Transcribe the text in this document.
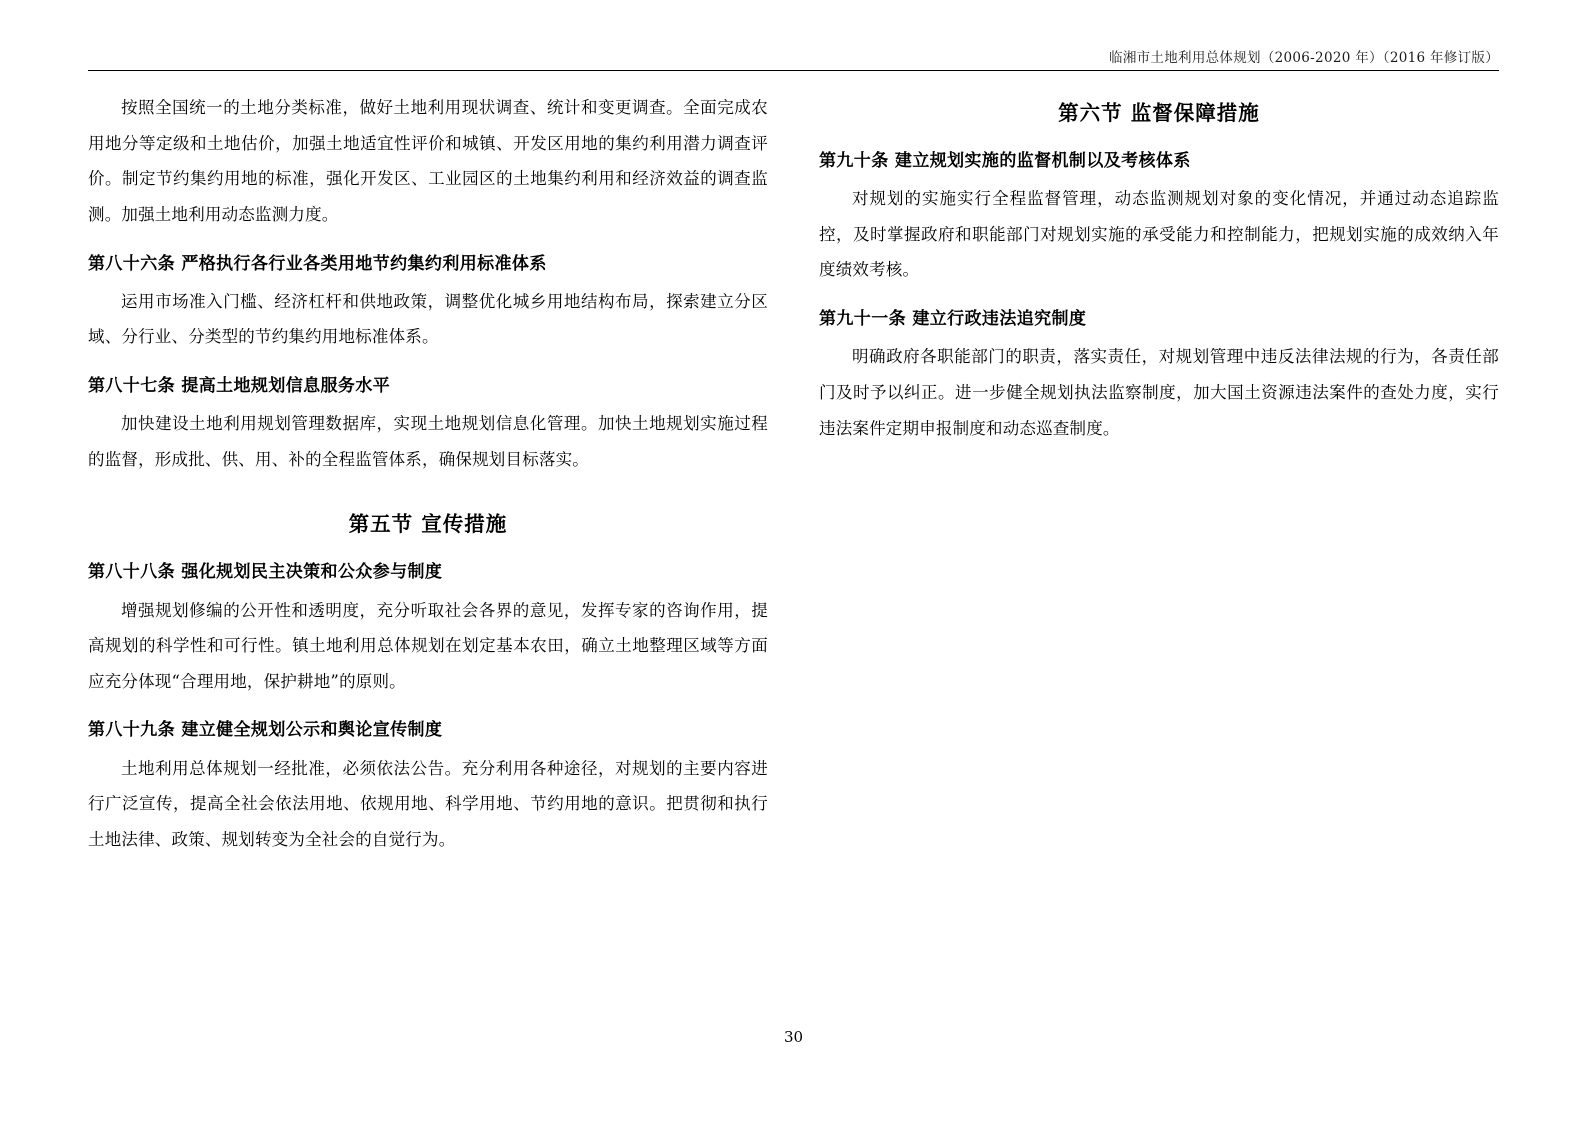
临湘市土地利用总体规划（2006-2020 年）（2016 年修订版）

按照全国统一的土地分类标准，做好土地利用现状调查、统计和变更调查。全面完成农用地分等定级和土地估价，加强土地适宜性评价和城镇、开发区用地的集约利用潜力调查评价。制定节约集约用地的标准，强化开发区、工业园区的土地集约利用和经济效益的调查监测。加强土地利用动态监测力度。

第八十六条 严格执行各行业各类用地节约集约利用标准体系

运用市场准入门槛、经济杠杆和供地政策，调整优化城乡用地结构布局，探索建立分区域、分行业、分类型的节约集约用地标准体系。

第八十七条 提高土地规划信息服务水平

加快建设土地利用规划管理数据库，实现土地规划信息化管理。加快土地规划实施过程的监督，形成批、供、用、补的全程监管体系，确保规划目标落实。

第五节 宣传措施
第八十八条 强化规划民主决策和公众参与制度

增强规划修编的公开性和透明度，充分听取社会各界的意见，发挥专家的咨询作用，提高规划的科学性和可行性。镇土地利用总体规划在划定基本农田，确立土地整理区域等方面应充分体现“合理用地，保护耕地”的原则。

第八十九条 建立健全规划公示和舆论宣传制度

土地利用总体规划一经批准，必须依法公告。充分利用各种途径，对规划的主要内容进行广泛宣传，提高全社会依法用地、依规用地、科学用地、节约用地的意识。把贯彻和执行土地法律、政策、规划转变为全社会的自觉行为。

第六节 监督保障措施
第九十条 建立规划实施的监督机制以及考核体系

对规划的实施实行全程监督管理，动态监测规划对象的变化情况，并通过动态追踪监控，及时掌握政府和职能部门对规划实施的承受能力和控制能力，把规划实施的成效纳入年度绩效考核。

第九十一条 建立行政违法追究制度

明确政府各职能部门的职责，落实责任，对规划管理中违反法律法规的行为，各责任部门及时予以纠正。进一步健全规划执法监察制度，加大国土资源违法案件的查处力度，实行违法案件定期申报制度和动态巡查制度。

30
